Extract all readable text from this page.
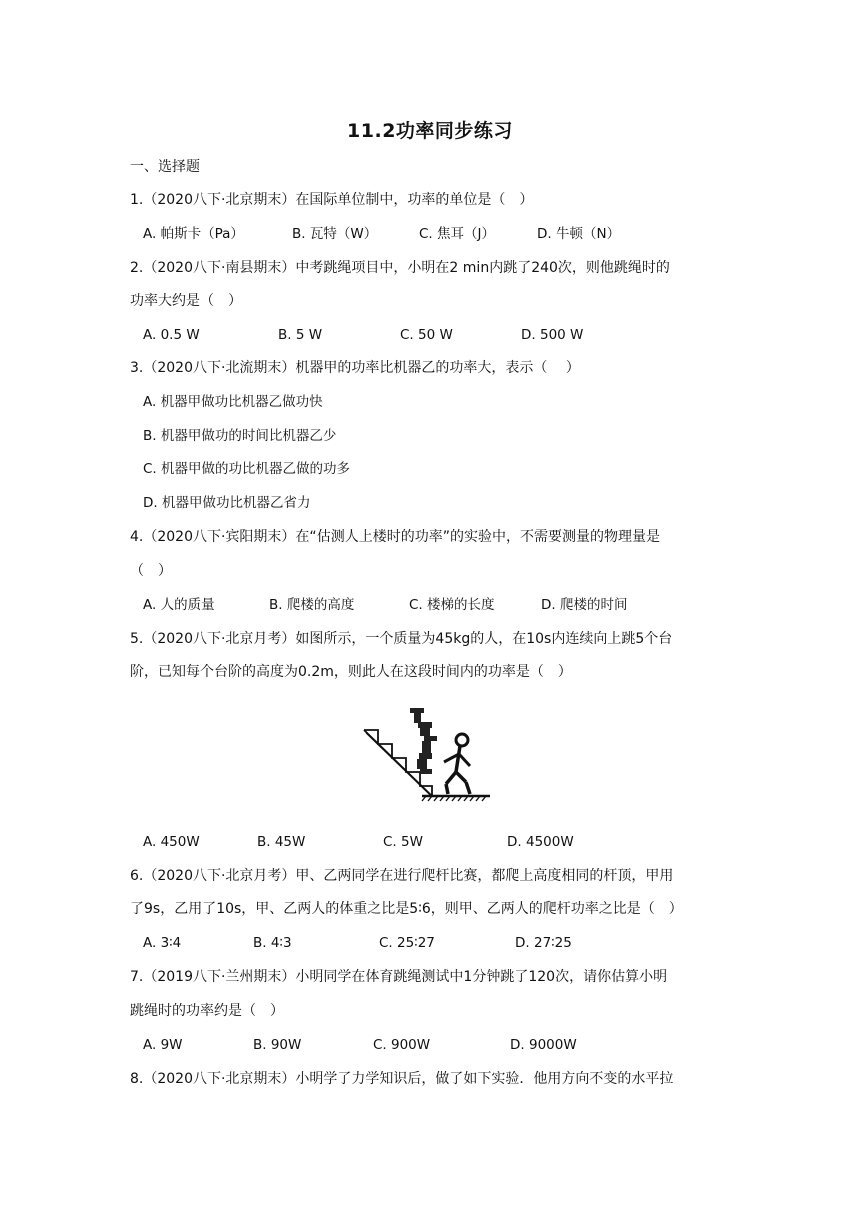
11.2功率同步练习
一、选择题
1.（2020八下·北京期末）在国际单位制中，功率的单位是（　）
A. 帕斯卡（Pa）	B. 瓦特（W）	C. 焦耳（J）	D. 牛顿（N）
2.（2020八下·南县期末）中考跳绳项目中，小明在2 min内跳了240次，则他跳绳时的
功率大约是（　）
A. 0.5 W	B. 5 W	C. 50 W	D. 500 W
3.（2020八下·北流期末）机器甲的功率比机器乙的功率大，表示（　 ）
A. 机器甲做功比机器乙做功快
B. 机器甲做功的时间比机器乙少
C. 机器甲做的功比机器乙做的功多
D. 机器甲做功比机器乙省力
4.（2020八下·宾阳期末）在“估测人上楼时的功率”的实验中，不需要测量的物理量是
（　）
A. 人的质量	B. 爬楼的高度	C. 楼梯的长度	D. 爬楼的时间
5.（2020八下·北京月考）如图所示，一个质量为45kg的人，在10s内连续向上跳5个台
阶，已知每个台阶的高度为0.2m，则此人在这段时间内的功率是（　）
A. 450W	B. 45W	C. 5W	D. 4500W
6.（2020八下·北京月考）甲、乙两同学在进行爬杆比赛，都爬上高度相同的杆顶，甲用
了9s，乙用了10s，甲、乙两人的体重之比是5∶6，则甲、乙两人的爬杆功率之比是（　）
A. 3∶4	B. 4∶3	C. 25∶27	D. 27∶25
7.（2019八下·兰州期末）小明同学在体育跳绳测试中1分钟跳了120次，请你估算小明
跳绳时的功率约是（　）
A. 9W	B. 90W	C. 900W	D. 9000W
8.（2020八下·北京期末）小明学了力学知识后，做了如下实验．他用方向不变的水平拉
